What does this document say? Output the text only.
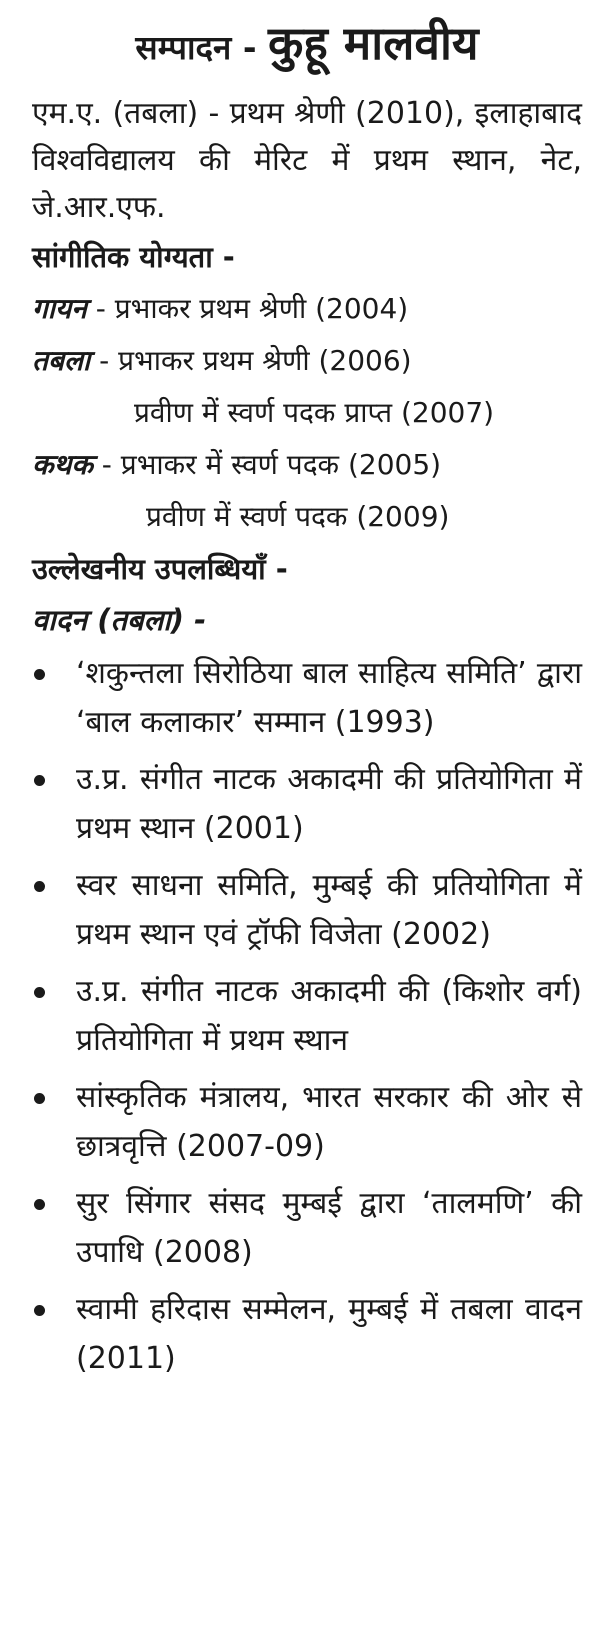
सम्पादन - कुहू मालवीय
एम.ए. (तबला) - प्रथम श्रेणी (2010), इलाहाबाद विश्वविद्यालय की मेरिट में प्रथम स्थान, नेट, जे.आर.एफ.
सांगीतिक योग्यता -
गायन - प्रभाकर प्रथम श्रेणी (2004)
तबला - प्रभाकर प्रथम श्रेणी (2006)
प्रवीण में स्वर्ण पदक प्राप्त (2007)
कथक - प्रभाकर में स्वर्ण पदक (2005)
प्रवीण में स्वर्ण पदक (2009)
उल्लेखनीय उपलब्धियाँ -
वादन (तबला) -
‘शकुन्तला सिरोठिया बाल साहित्य समिति’ द्वारा ‘बाल कलाकार’ सम्मान (1993)
उ.प्र. संगीत नाटक अकादमी की प्रतियोगिता में प्रथम स्थान (2001)
स्वर साधना समिति, मुम्बई की प्रतियोगिता में प्रथम स्थान एवं ट्रॉफी विजेता (2002)
उ.प्र. संगीत नाटक अकादमी की (किशोर वर्ग) प्रतियोगिता में प्रथम स्थान
सांस्कृतिक मंत्रालय, भारत सरकार की ओर से छात्रवृत्ति (2007-09)
सुर सिंगार संसद मुम्बई द्वारा ‘तालमणि’ की उपाधि (2008)
स्वामी हरिदास सम्मेलन, मुम्बई में तबला वादन (2011)
